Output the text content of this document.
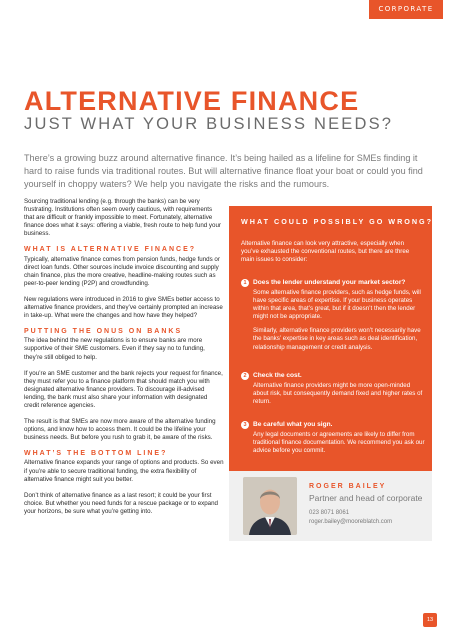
CORPORATE
ALTERNATIVE FINANCE
JUST WHAT YOUR BUSINESS NEEDS?
There’s a growing buzz around alternative finance. It’s being hailed as a lifeline for SMEs finding it hard to raise funds via traditional routes. But will alternative finance float your boat or could you find yourself in choppy waters? We help you navigate the risks and the rumours.

Sourcing traditional lending (e.g. through the banks) can be very frustrating. Institutions often seem overly cautious, with requirements that are difficult or frankly impossible to meet. Fortunately, alternative finance does what it says: offering a viable, fresh route to help fund your business.

WHAT IS ALTERNATIVE FINANCE?

Typically, alternative finance comes from pension funds, hedge funds or direct loan funds. Other sources include invoice discounting and supply chain finance, plus the more creative, headline-making routes such as peer-to-peer lending (P2P) and crowdfunding.

New regulations were introduced in 2016 to give SMEs better access to alternative finance providers, and they’ve certainly prompted an increase in take-up. What were the changes and how have they helped?

PUTTING THE ONUS ON BANKS

The idea behind the new regulations is to ensure banks are more supportive of their SME customers. Even if they say no to funding, they’re still obliged to help.

If you’re an SME customer and the bank rejects your request for finance, they must refer you to a finance platform that should match you with designated alternative finance providers. To discourage ill-advised lending, the bank must also share your information with designated credit reference agencies.

The result is that SMEs are now more aware of the alternative funding options, and know how to access them. It could be the lifeline your business needs. But before you rush to grab it, be aware of the risks.

WHAT’S THE BOTTOM LINE?

Alternative finance expands your range of options and products. So even if you’re able to secure traditional funding, the extra flexibility of alternative finance might suit you better.

Don’t think of alternative finance as a last resort; it could be your first choice. But whether you need funds for a rescue package or to expand your horizons, be sure what you’re getting into.

WHAT COULD POSSIBLY GO WRONG?
Alternative finance can look very attractive, especially when you’ve exhausted the conventional routes, but there are three main issues to consider:
1 Does the lender understand your market sector?

Some alternative finance providers, such as hedge funds, will have specific areas of expertise. If your business operates within that area, that’s great, but if it doesn’t then the lender might not be appropriate.

Similarly, alternative finance providers won’t necessarily have the banks’ expertise in key areas such as deal identification, relationship management or credit analysis.

2 Check the cost.

Alternative finance providers might be more open-minded about risk, but consequently demand fixed and higher rates of return.

3 Be careful what you sign.

Any legal documents or agreements are likely to differ from traditional finance documentation. We recommend you ask our advice before you commit.

ROGER BAILEY
Partner and head of corporate
023 8071 8061
roger.bailey@mooreblatch.com
13
